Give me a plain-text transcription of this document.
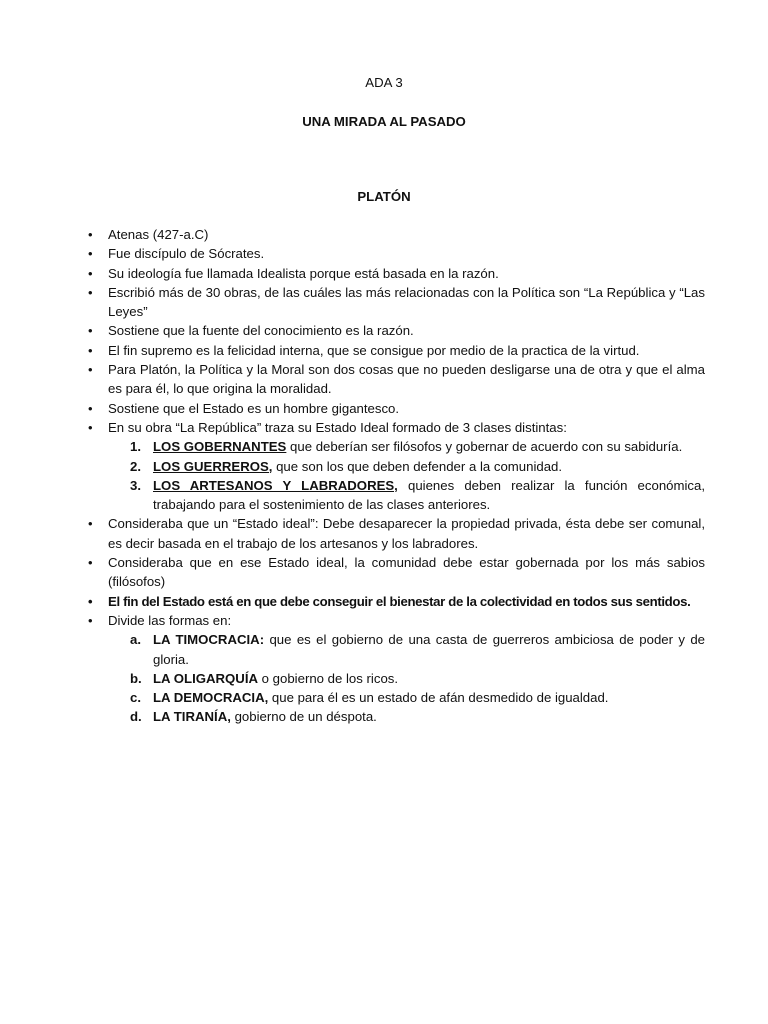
ADA 3
UNA MIRADA AL PASADO
PLATÓN
• Atenas (427-a.C)
• Fue discípulo de Sócrates.
• Su ideología fue llamada Idealista porque está basada en la razón.
• Escribió más de 30 obras, de las cuáles las más relacionadas con la Política son “La República y “Las Leyes”
• Sostiene que la fuente del conocimiento es la razón.
• El fin supremo es la felicidad interna, que se consigue por medio de la practica de la virtud.
• Para Platón, la Política y la Moral son dos cosas que no pueden desligarse una de otra y que el alma es para él, lo que origina la moralidad.
• Sostiene que el Estado es un hombre gigantesco.
• En su obra “La República” traza su Estado Ideal formado de 3 clases distintas:
1. LOS GOBERNANTES que deberían ser filósofos y gobernar de acuerdo con su sabiduría.
2. LOS GUERREROS, que son los que deben defender a la comunidad.
3. LOS ARTESANOS Y LABRADORES, quienes deben realizar la función económica, trabajando para el sostenimiento de las clases anteriores.
• Consideraba que un “Estado ideal”: Debe desaparecer la propiedad privada, ésta debe ser comunal, es decir basada en el trabajo de los artesanos y los labradores.
• Consideraba que en ese Estado ideal, la comunidad debe estar gobernada por los más sabios (filósofos)
• El fin del Estado está en que debe conseguir el bienestar de la colectividad en todos sus sentidos.
• Divide las formas en:
a. LA TIMOCRACIA: que es el gobierno de una casta de guerreros ambiciosa de poder y de gloria.
b. LA OLIGARQUÍA o gobierno de los ricos.
c. LA DEMOCRACIA, que para él es un estado de afán desmedido de igualdad.
d. LA TIRANÍA, gobierno de un déspota.
